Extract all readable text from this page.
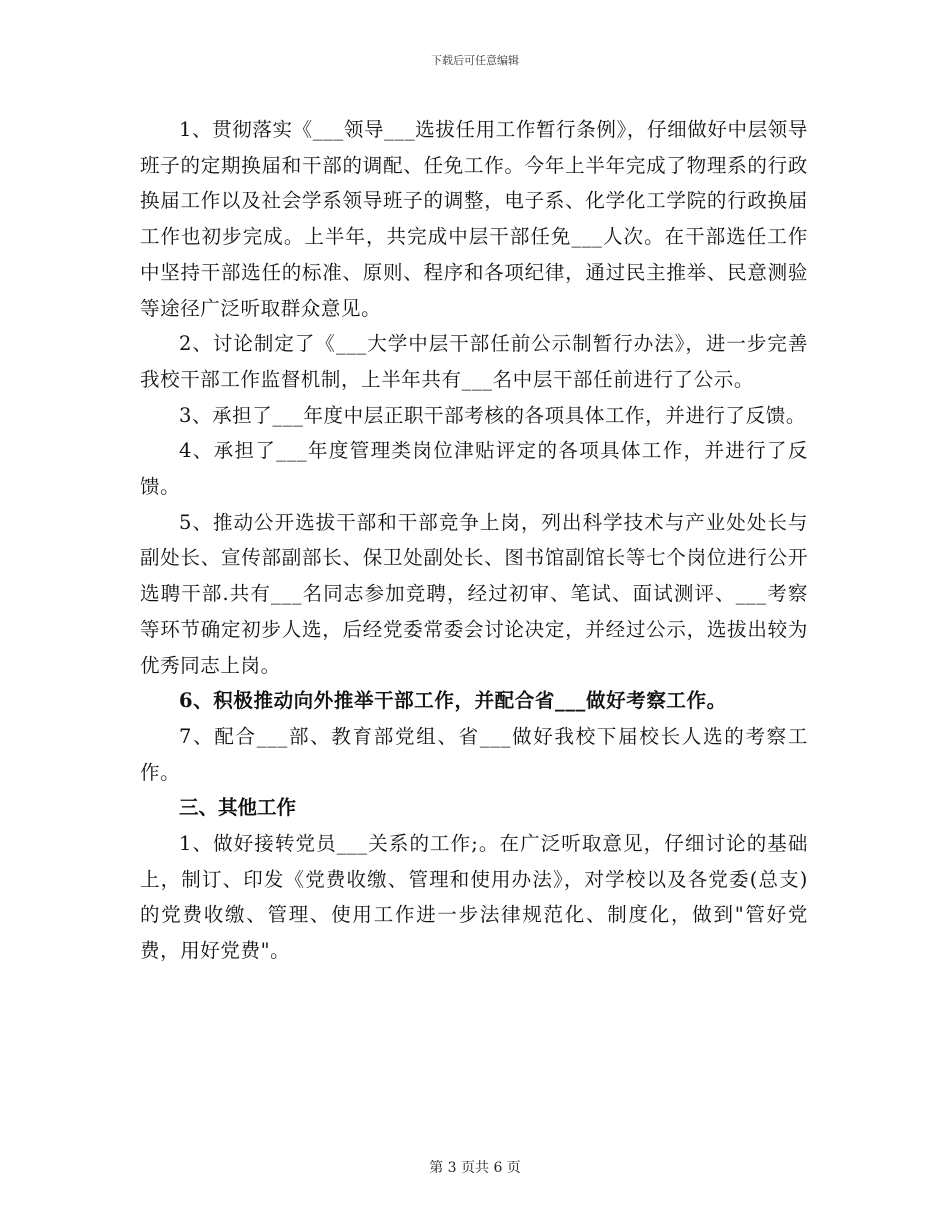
下载后可任意编辑

1、贯彻落实《___领导___选拔任用工作暂行条例》，仔细做好中层领导班子的定期换届和干部的调配、任免工作。今年上半年完成了物理系的行政换届工作以及社会学系领导班子的调整，电子系、化学化工学院的行政换届工作也初步完成。上半年，共完成中层干部任免___人次。在干部选任工作中坚持干部选任的标准、原则、程序和各项纪律，通过民主推举、民意测验等途径广泛听取群众意见。

2、讨论制定了《___大学中层干部任前公示制暂行办法》，进一步完善我校干部工作监督机制，上半年共有___名中层干部任前进行了公示。

3、承担了___年度中层正职干部考核的各项具体工作，并进行了反馈。

4、承担了___年度管理类岗位津贴评定的各项具体工作，并进行了反馈。

5、推动公开选拔干部和干部竞争上岗，列出科学技术与产业处处长与副处长、宣传部副部长、保卫处副处长、图书馆副馆长等七个岗位进行公开选聘干部.共有___名同志参加竞聘，经过初审、笔试、面试测评、___考察等环节确定初步人选，后经党委常委会讨论决定，并经过公示，选拔出较为优秀同志上岗。

6、积极推动向外推举干部工作，并配合省___做好考察工作。

7、配合___部、教育部党组、省___做好我校下届校长人选的考察工作。

三、其他工作

1、做好接转党员___关系的工作;。在广泛听取意见，仔细讨论的基础上，制订、印发《党费收缴、管理和使用办法》，对学校以及各党委(总支)的党费收缴、管理、使用工作进一步法律规范化、制度化，做到"管好党费，用好党费"。

第 3 页共 6 页
